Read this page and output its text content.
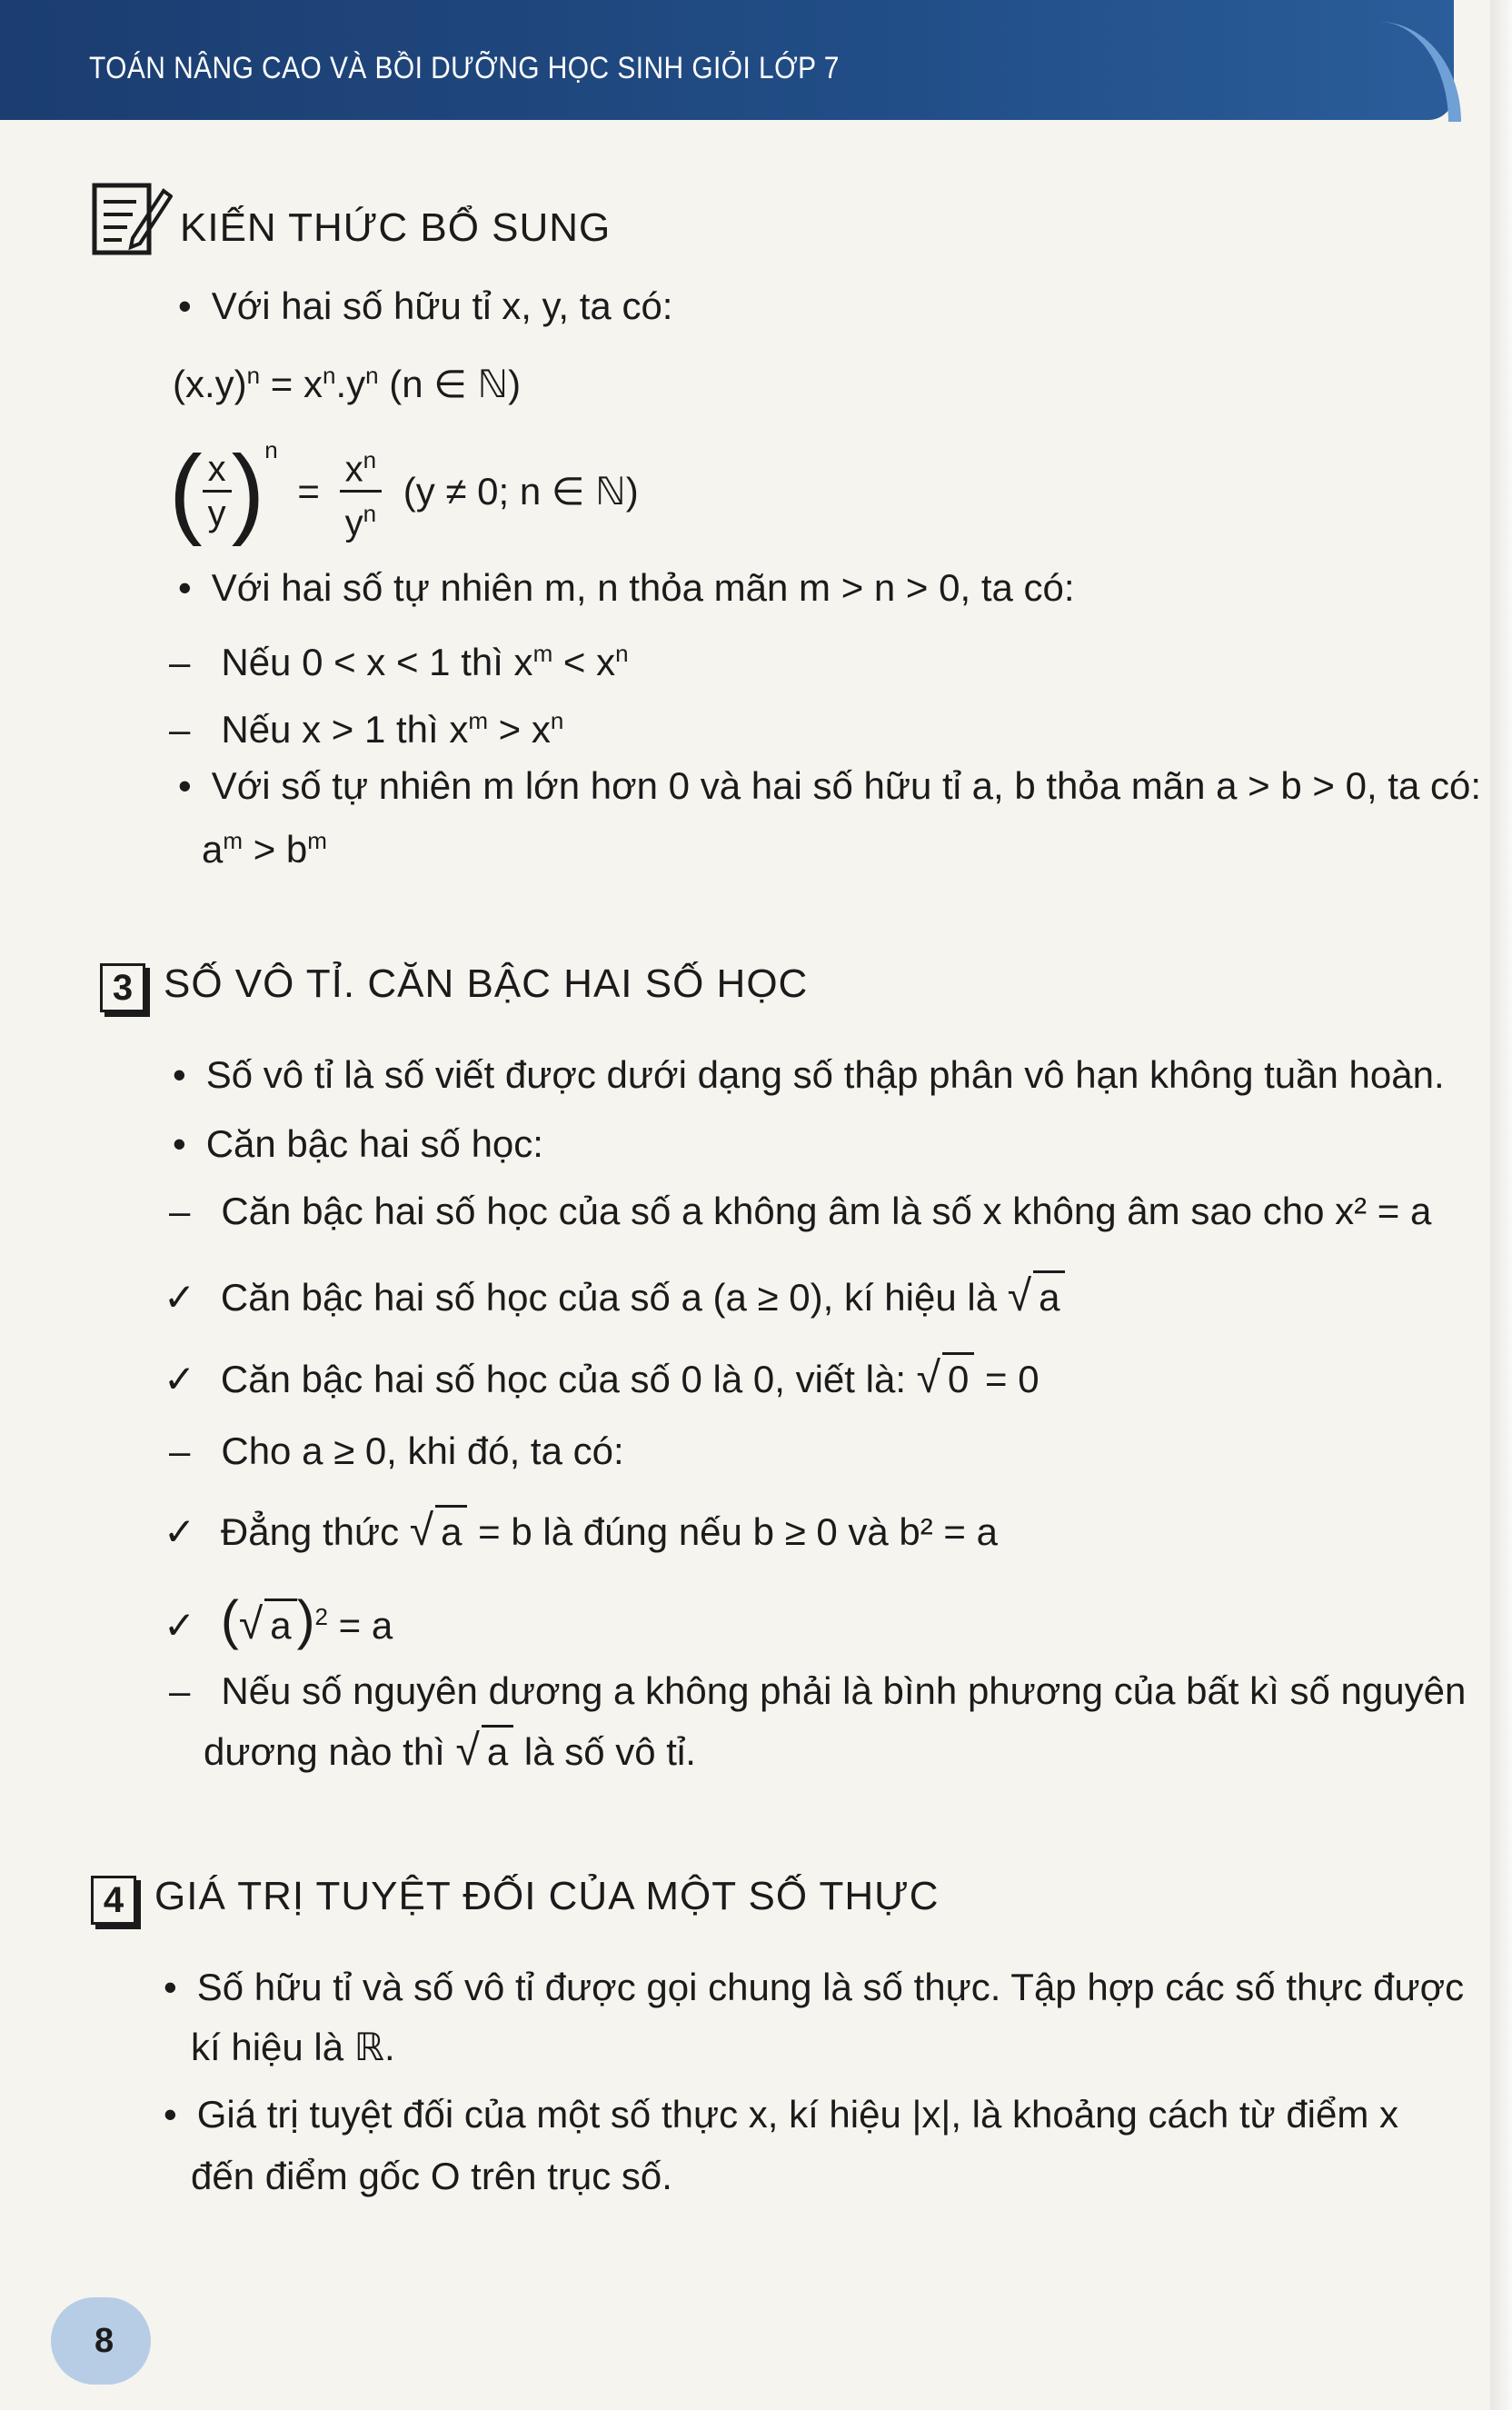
TOÁN NÂNG CAO VÀ BỒI DƯỠNG HỌC SINH GIỎI LỚP 7
KIẾN THỨC BỔ SUNG
• Với hai số hữu tỉ x, y, ta có:
$(x.y)^n = x^n.y^n$ (n ∈ ℕ)
( $\frac{x}{y} )^n = \frac{x^n}{y^n} (y \ne 0$; n ∈ ℕ)
• Với hai số tự nhiên m, n thỏa mãn m > n > 0, ta có:
– Nếu 0 < x < 1 thì $x^m < x^n$
– Nếu x > 1 thì $x^m > x^n$
• Với số tự nhiên m lớn hơn 0 và hai số hữu tỉ a, b thỏa mãn a > b > 0, ta có:
$a^m > b^m$
3 SỐ VÔ TỈ. CĂN BẬC HAI SỐ HỌC
• Số vô tỉ là số viết được dưới dạng số thập phân vô hạn không tuần hoàn.
• Căn bậc hai số học:
– Căn bậc hai số học của số a không âm là số x không âm sao cho x² = a
✓ Căn bậc hai số học của số a (a ≥ 0), kí hiệu là √ a
✓ Căn bậc hai số học của số 0 là 0, viết là: √ 0 = 0
– Cho a ≥ 0, khi đó, ta có:
✓ Đẳng thức √ a = b là đúng nếu b ≥ 0 và b² = a
✓ (√ a )$^2$ = a
– Nếu số nguyên dương a không phải là bình phương của bất kì số nguyên
dương nào thì √ a là số vô tỉ.
4 GIÁ TRỊ TUYỆT ĐỐI CỦA MỘT SỐ THỰC
• Số hữu tỉ và số vô tỉ được gọi chung là số thực. Tập hợp các số thực được
kí hiệu là ℝ.
• Giá trị tuyệt đối của một số thực x, kí hiệu |x|, là khoảng cách từ điểm x
đến điểm gốc O trên trục số.
8
